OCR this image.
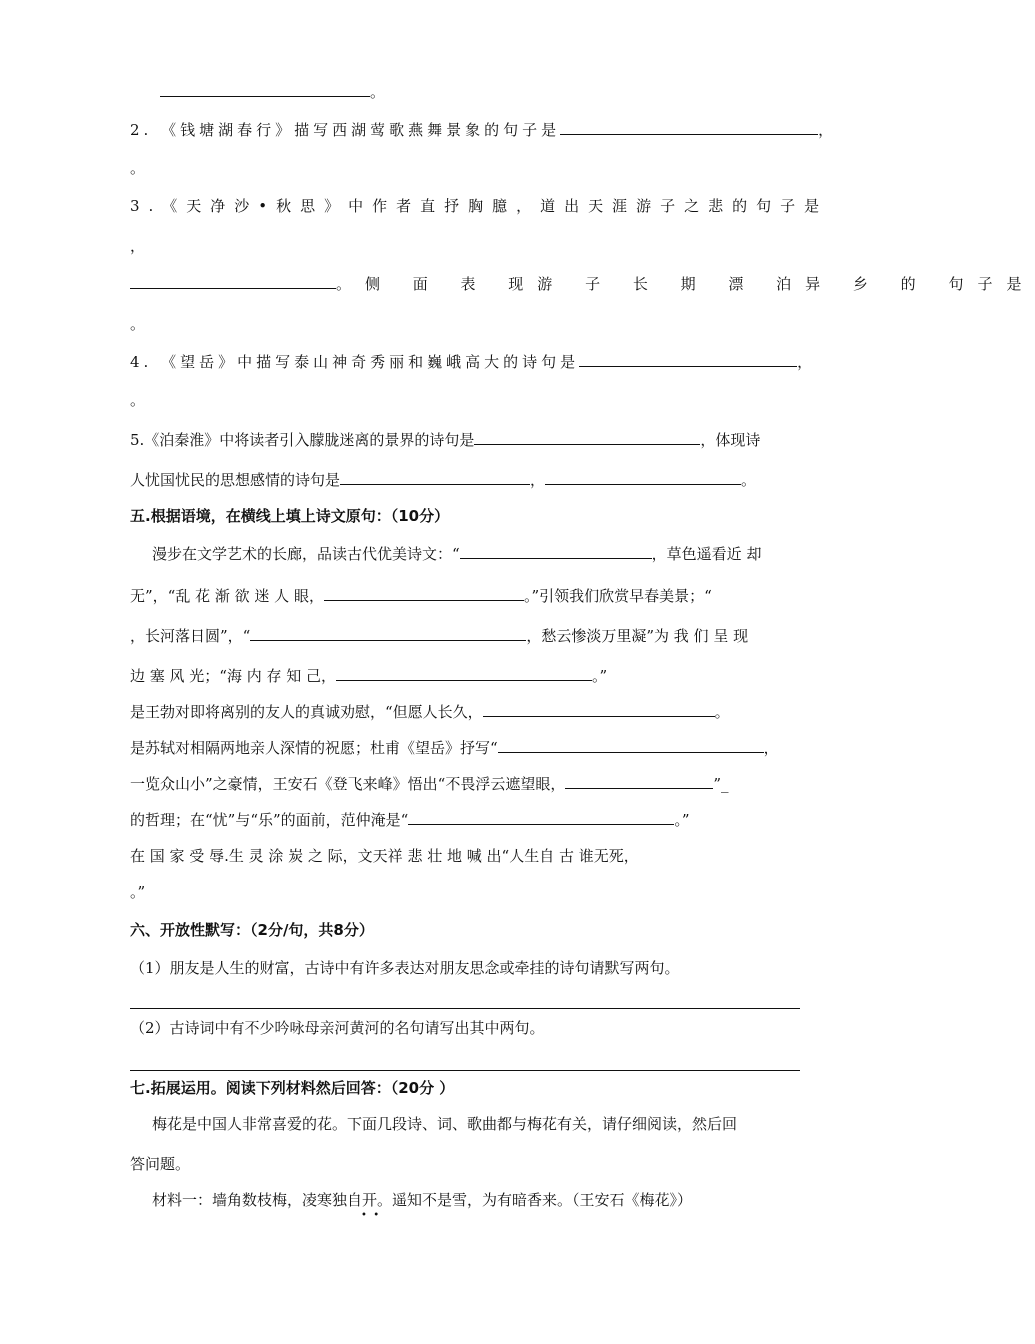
。
2. 《钱塘湖春行》描写西湖莺歌燕舞景象的句子是	，
。
3.《天净沙•秋思》中作者直抒胸臆，道出天涯游子之悲的句子是
，
。侧 面 表 现游 子 长 期 漂 泊异 乡 的 句子是
。
4. 《望岳》中描写泰山神奇秀丽和巍峨高大的诗句是	，
。
5.《泊秦淮》中将读者引入朦胧迷离的景界的诗句是	，体现诗
人忧国忧民的思想感情的诗句是	，	。
五.根据语境，在横线上填上诗文原句：（10分）
漫步在文学艺术的长廊，品读古代优美诗文：“	，草色遥看近 却
无”，“乱 花 渐 欲 迷 人 眼，	。”引领我们欣赏早春美景；“
，长河落日圆”，“	，愁云惨淡万里凝”为 我 们 呈 现
边 塞 风 光；“海 内 存 知 己，	。”
是王勃对即将离别的友人的真诚劝慰，“但愿人长久，	。
是苏轼对相隔两地亲人深情的祝愿；杜甫《望岳》抒写“	，
一览众山小”之豪情，王安石《登飞来峰》悟出“不畏浮云遮望眼，	”_
的哲理；在“忧”与“乐”的面前，范仲淹是“	。”
在 国 家 受 辱.生 灵 涂 炭 之 际，文天祥 悲 壮 地 喊 出“人生自 古 谁无死，
。”
六、开放性默写：（2分/句，共8分）
（1）朋友是人生的财富，古诗中有许多表达对朋友思念或牵挂的诗句请默写两句。
（2）古诗词中有不少吟咏母亲河黄河的名句请写出其中两句。
七.拓展运用。阅读下列材料然后回答：（20分 ）
梅花是中国人非常喜爱的花。下面几段诗、词、歌曲都与梅花有关，请仔细阅读，然后回
答问题。
材料一：墙角数枝梅，凌寒独自开。遥知不是雪，为有暗香来。（王安石《梅花》）
•  •
